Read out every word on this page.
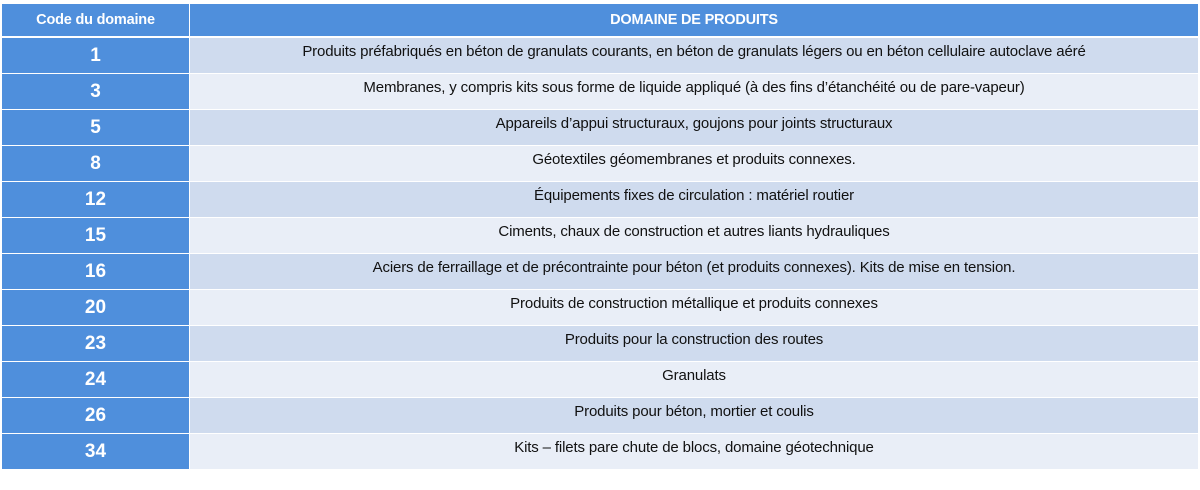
Code du domaine	DOMAINE DE PRODUITS
1	Produits préfabriqués en béton de granulats courants, en béton de granulats légers ou en béton cellulaire autoclave aéré
3	Membranes, y compris kits sous forme de liquide appliqué (à des fins d’étanchéité ou de pare-vapeur)
5	Appareils d’appui structuraux, goujons pour joints structuraux
8	Géotextiles géomembranes et produits connexes.
12	Équipements fixes de circulation : matériel routier
15	Ciments, chaux de construction et autres liants hydrauliques
16	Aciers de ferraillage et de précontrainte pour béton (et produits connexes). Kits de mise en tension.
20	Produits de construction métallique et produits connexes
23	Produits pour la construction des routes
24	Granulats
26	Produits pour béton, mortier et coulis
34	Kits – filets pare chute de blocs, domaine géotechnique
